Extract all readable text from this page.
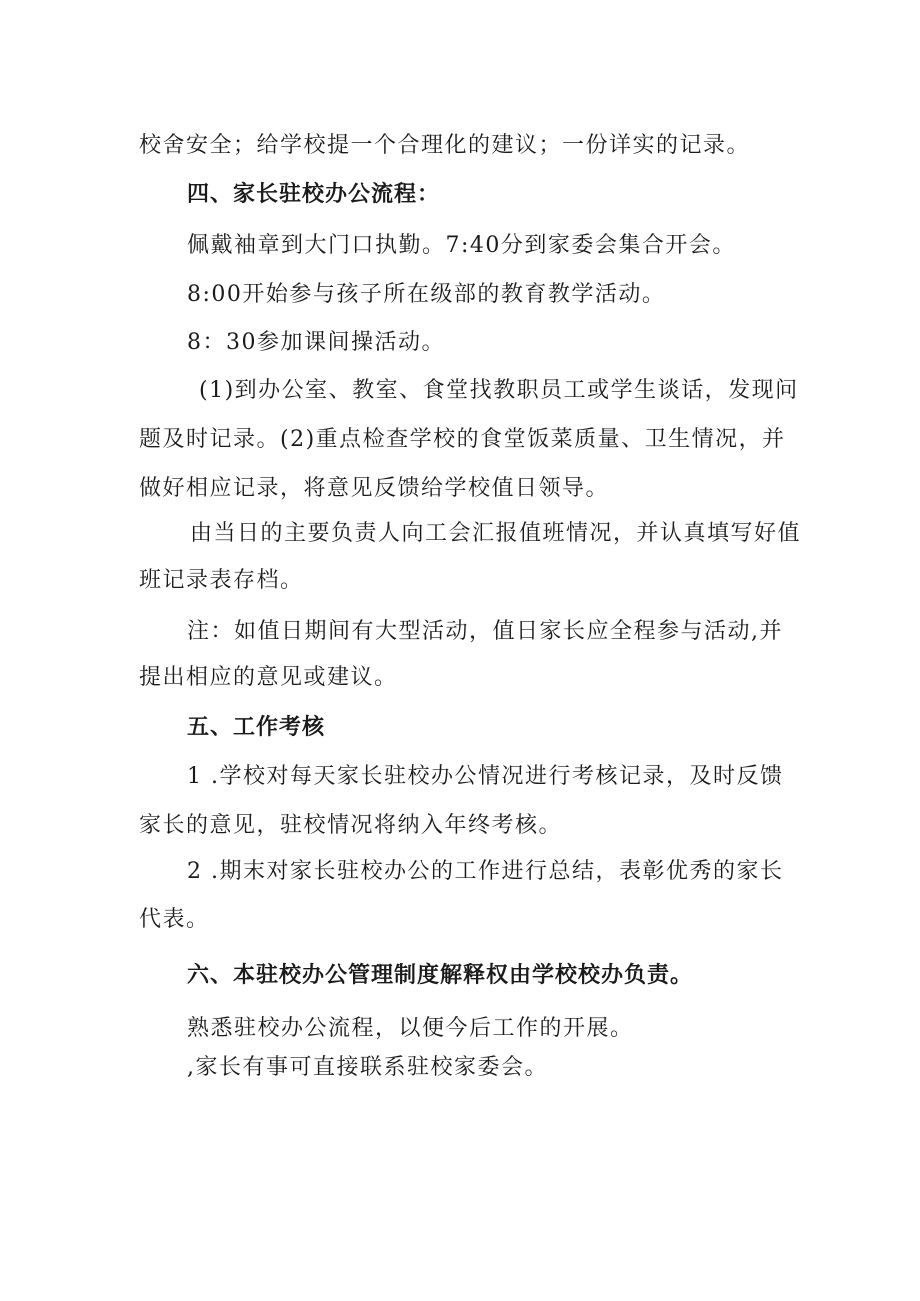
校舍安全；给学校提一个合理化的建议；一份详实的记录。
四、家长驻校办公流程：
佩戴袖章到大门口执勤。7:40分到家委会集合开会。
8:00开始参与孩子所在级部的教育教学活动。
8：30参加课间操活动。
(1)到办公室、教室、食堂找教职员工或学生谈话，发现问
题及时记录。(2)重点检查学校的食堂饭菜质量、卫生情况，并
做好相应记录，将意见反馈给学校值日领导。
由当日的主要负责人向工会汇报值班情况，并认真填写好值
班记录表存档。
注：如值日期间有大型活动，值日家长应全程参与活动,并
提出相应的意见或建议。
五、工作考核
1 .学校对每天家长驻校办公情况进行考核记录，及时反馈
家长的意见，驻校情况将纳入年终考核。
2 .期末对家长驻校办公的工作进行总结，表彰优秀的家长
代表。
六、本驻校办公管理制度解释权由学校校办负责。
熟悉驻校办公流程，以便今后工作的开展。
,家长有事可直接联系驻校家委会。
